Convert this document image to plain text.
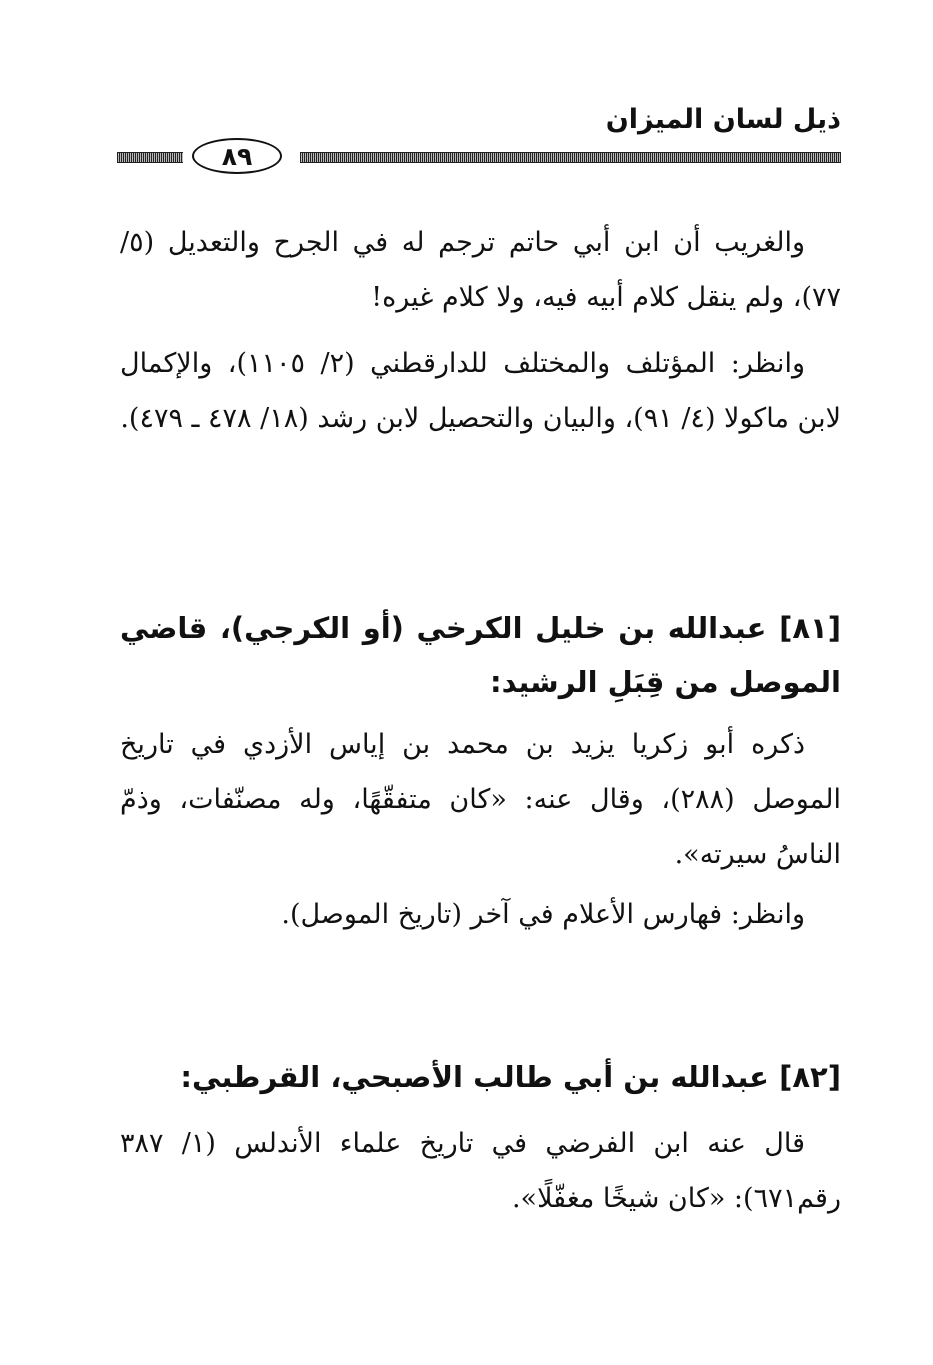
ذيل لسان الميزان
٨٩

والغريب أن ابن أبي حاتم ترجم له في الجرح والتعديل (٥/ ٧٧)، ولم ينقل كلام أبيه فيه، ولا كلام غيره!

وانظر: المؤتلف والمختلف للدارقطني (٢/ ١١٠٥)، والإكمال لابن ماكولا (٤/ ٩١)، والبيان والتحصيل لابن رشد (١٨/ ٤٧٨ ـ ٤٧٩).

[٨١] عبدالله بن خليل الكرخي (أو الكرجي)، قاضي الموصل من قِبَلِ الرشيد:

ذكره أبو زكريا يزيد بن محمد بن إياس الأزدي في تاريخ الموصل (٢٨٨)، وقال عنه: «كان متفقّهًا، وله مصنّفات، وذمّ الناسُ سيرته».

وانظر: فهارس الأعلام في آخر (تاريخ الموصل).

[٨٢] عبدالله بن أبي طالب الأصبحي، القرطبي:

قال عنه ابن الفرضي في تاريخ علماء الأندلس (١/ ٣٨٧ رقم٦٧١): «كان شيخًا مغفّلًا».
